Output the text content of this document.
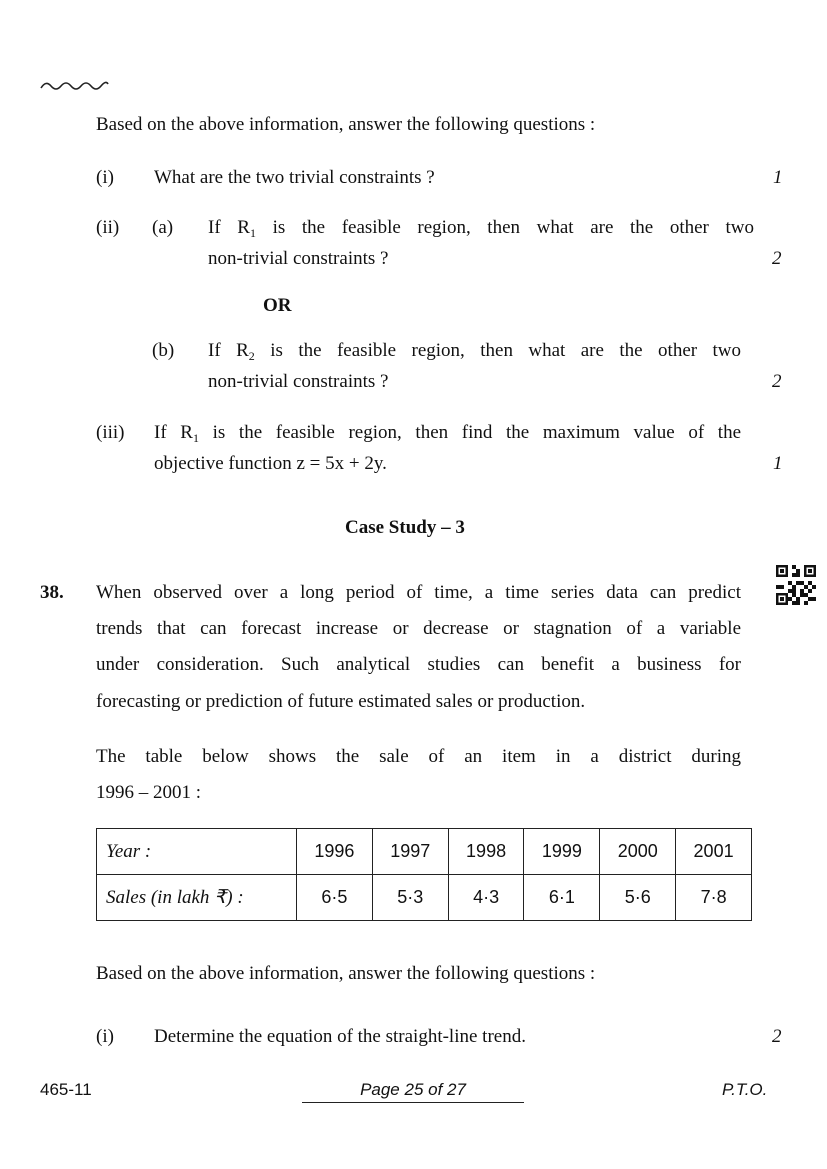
Based on the above information, answer the following questions :
(i) What are the two trivial constraints ?	1
(ii) (a) If $R_1$ is the feasible region, then what are the other two
non-trivial constraints ?	2
OR
(b) If $R_2$ is the feasible region, then what are the other two
non-trivial constraints ?	2
(iii) If $R_1$ is the feasible region, then find the maximum value of the
objective function z = 5x + 2y.	1
Case Study – 3
38. When observed over a long period of time, a time series data can predict
trends that can forecast increase or decrease or stagnation of a variable
under consideration. Such analytical studies can benefit a business for
forecasting or prediction of future estimated sales or production.
The table below shows the sale of an item in a district during
1996 – 2001 :
Year :	1996	1997	1998	1999	2000	2001
Sales (in lakh ₹) :	6·5	5·3	4·3	6·1	5·6	7·8
Based on the above information, answer the following questions :
(i) Determine the equation of the straight-line trend.	2
465-11	Page 25 of 27	P.T.O.
